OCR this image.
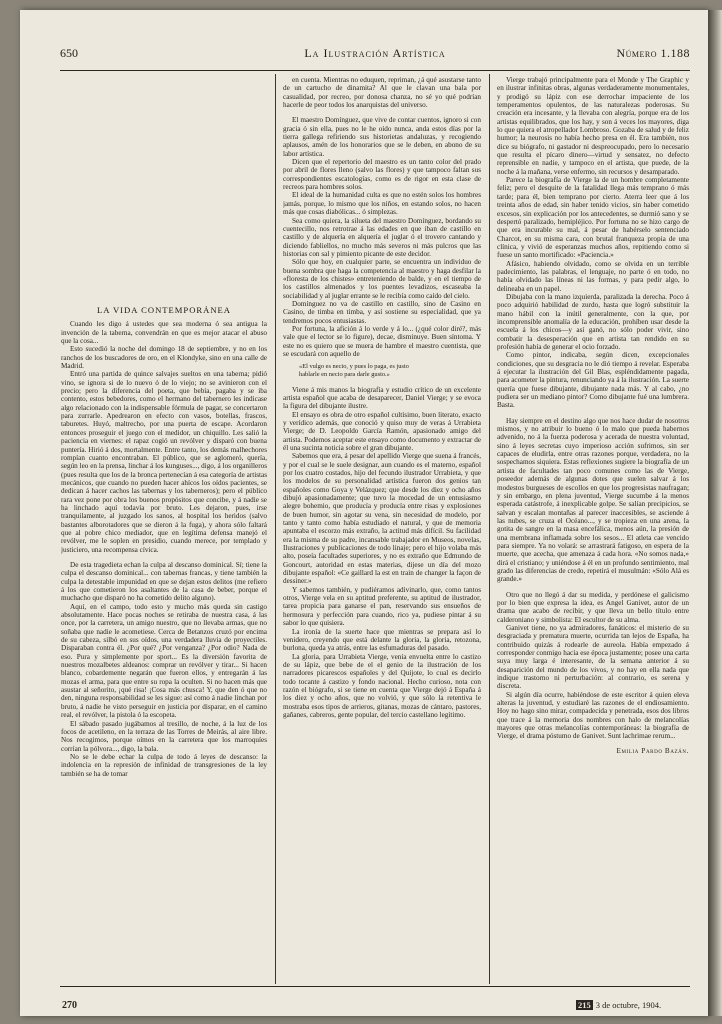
650	La Ilustración Artística	Número 1.188
LA VIDA CONTEMPORÁNEA

Cuando les digo á ustedes que sea moderna ó sea antigua la invención de la taberna, convendrán en que es mejor atacar el abuso que la cosa...

Esto sucedió la noche del domingo 18 de septiembre, y no en los ranchos de los buscadores de oro, en el Klondyke, sino en una calle de Madrid.

Entró una partida de quince salvajes sueltos en una taberna; pidió vino, se ignora si de lo nuevo ó de lo viejo; no se avinieron con el precio; pero la diferencia del poeta, que bebía, pagaba y se iba contento, estos bebedores, como el hermano del tabernero les indicase algo relacionado con la indispensable fórmula de pagar, se concertaron para zurrarle. Apedrearon en efecto con vasos, botellas, frascos, taburetes. Huyó, maltrecho, por una puerta de escape. Acordaron entonces proseguir el juego con el medidor, un chiquillo. Les salió la paciencia en viernes: el rapaz cogió un revólver y disparó con buena puntería. Hirió á dos, mortalmente. Entre tanto, los demás malhechores rompían cuanto encontraban. El público, que se aglomeró, quería, según leo en la prensa, linchar á los kunguses..., digo, á los organilleros (pues resulta que los de la bronca pertenecían á esa categoría de artistas mecánicos, que cuando no pueden hacer ahícos los oídos pacientes, se dedican á hacer cachos las tabernas y los taberneros); pero el público rara vez pone por obra los buenos propósitos que concibe, y á nadie se ha linchado aquí todavía por bruto. Les dejaron, pues, irse tranquilamente, al juzgado los sanos, al hospital los heridos (salvo bastantes alborotadores que se dieron á la fuga), y ahora sólo faltará que al pobre chico mediador, que en legítima defensa manejó el revólver, me le soplen en presidio, cuando merece, por templado y justiciero, una recompensa cívica.

De esta tragedieta echan la culpa al descanso dominical. Sí; tiene la culpa el descanso dominical... con tabernas francas, y tiene también la culpa la detestable impunidad en que se dejan estos delitos (me refiero á los que cometieron los asaltantes de la casa de beber, porque el muchacho que disparó no ha cometido delito alguno).

Aquí, en el campo, todo esto y mucho más queda sin castigo absolutamente. Hace pocas noches se retiraba de nuestra casa, á las once, por la carretera, un amigo nuestro, que no llevaba armas, que no soñaba que nadie le acometiese. Cerca de Betanzos cruzó por encima de su cabeza, silbó en sus oídos, una verdadera lluvia de proyectiles. Disparaban contra él. ¿Por qué? ¿Por venganza? ¿Por odio? Nada de eso. Pura y simplemente por sport... Es la diversión favorita de nuestros mozalbetes aldeanos: comprar un revólver y tirar... Si hacen blanco, cobardemente negarán que fueron ellos, y entregarán á las mozas el arma, para que entre su ropa la oculten. Si no hacen más que asustar al señorito, ¡qué risa! ¡Cosa más chusca! Y, que den ó que no den, ninguna responsabilidad se les sigue: así como á nadie linchan por bruto, á nadie he visto perseguir en justicia por disparar, en el camino real, el revólver, la pistola ó la escopeta.

El sábado pasado jugábamos al tresillo, de noche, á la luz de los focos de acetileno, en la terraza de las Torres de Meirás, al aire libre. Nos recogimos, porque oímos en la carretera que los marroquíes corrían la pólvora..., digo, la bala.

No se le debe echar la culpa de todo á leyes de descanso: la indolencia en la represión de infinidad de transgresiones de la ley también se ha de tomar

en cuenta. Mientras no eduquen, repriman, ¿á qué asustarse tanto de un cartucho de dinamita? Al que le clavan una bala por casualidad, por recreo, por donosa chanza, no sé yo qué podrían hacerle de peor todos los anarquistas del universo.

El maestro Domínguez, que vive de contar cuentos, ignoro si con gracia ó sin ella, pues no le he oído nunca, anda estos días por la tierra gallega refiriendo sus historietas andaluzas, y recogiendo aplausos, amén de los honorarios que se le deben, en abono de su labor artística.

Dicen que el repertorio del maestro es un tanto color del prado por abril de flores lleno (salvo las flores) y que tampoco faltan sus correspondientes escatologías, como es de rigor en esta clase de recreos para hombres solos.

El ideal de la humanidad culta es que no estén solos los hombres jamás, porque, lo mismo que los niños, en estando solos, no hacen más que cosas diabólicas... ó simplezas.

Sea como quiera, la silueta del maestro Domínguez, bordando su cuentecillo, nos retrotrae á las edades en que iban de castillo en castillo y de alquería en alquería el juglar ó el trovero cantando y diciendo fabliellos, no mucho más severos ni más pulcros que las historias con sal y pimiento picante de este decidor.

Sólo que hoy, en cualquier parte, se encuentra un individuo de buena sombra que haga la competencia al maestro y haga desfilar la «floresta de los chistes» entreteniendo de balde, y en el tiempo de los castillos almenados y los puentes levadizos, escaseaba la sociabilidad y al juglar errante se le recibía como caído del cielo.

Domínguez no va de castillo en castillo, sino de Casino en Casino, de timba en timba, y así sostiene su especialidad, que ya tendremos pocos entusiastas.

Por fortuna, la afición á lo verde y á lo... (¿qué color diré?, más vale que el lector se lo figure), decae, disminuye. Buen síntoma. Y este no es quiero que se muera de hambre el maestro cuentista, que se escudará con aquello de

«El vulgo es necio, y pues lo paga, es justo
hablarle en necio para darle gusto.»

Viene á mis manos la biografía y estudio crítico de un excelente artista español que acaba de desaparecer, Daniel Vierge; y se evoca la figura del dibujante ilustre.

El ensayo es obra de otro español cultísimo, buen literato, exacto y verídico además, que conoció y quiso muy de veras á Urrabieta Vierge; de D. Leopoldo García Ramón, apasionado amigo del artista. Podemos aceptar este ensayo como documento y extractar de él una sucinta noticia sobre el gran dibujante.

Sabemos que era, á pesar del apellido Vierge que suena á francés, y por el cual se le suele designar, aun cuando es el materno, español por los cuatro costados, hijo del fecundo ilustrador Urrabieta, y que los modelos de su personalidad artística fueron dos genios tan españoles como Goya y Velázquez; que desde los diez y ocho años dibujó apasionadamente; que tuvo la mocedad de un entusiasmo alegre bohemio, que producía y producía entre risas y explosiones de buen humor, sin agotar su vena, sin necesidad de modelo, por tanto y tanto como había estudiado el natural, y que de memoria apuntaba el escorzo más extraño, la actitud más difícil. Su facilidad era la misma de su padre, incansable trabajador en Museos, novelas, Ilustraciones y publicaciones de todo linaje; pero el hijo volaba más alto, poseía facultades superiores, y no es extraño que Edmundo de Goncourt, autoridad en estas materias, dijese un día del mozo dibujante español: «Ce gaillard la est en train de changer la façon de dessiner.»

Y sabemos también, y pudiéramos adivinarlo, que, como tantos otros, Vierge vela en su aptitud preferente, su aptitud de ilustrador, tarea propicia para ganarse el pan, reservando sus ensueños de hermosura y perfección para cuando, rico ya, pudiese pintar á su sabor lo que quisiera.

La ironía de la suerte hace que mientras se prepara así lo venidero, creyendo que está delante la gloria, la gloria, retozona, burlona, queda ya atrás, entre las esfumaduras del pasado.

La gloria, para Urrabieta Vierge, venía envuelta entre lo castizo de su lápiz, que bebe de el el genio de la ilustración de los narradores picarescos españoles y del Quijote, lo cual es decirlo todo tocante á castizo y fondo nacional. Hecho curioso, nota con razón el biógrafo, si se tiene en cuenta que Vierge dejó á España á los diez y ocho años, que no volvió, y que sólo la retentiva le mostraba esos tipos de arrieros, gitanas, mozas de cántaro, pastores, gañanes, cabreros, gente popular, del tercio castellano legítimo.

Vierge trabajó principalmente para el Monde y The Graphic y en ilustrar infinitas obras, algunas verdaderamente monumentales, y prodigó su lápiz con ese derrochar impaciente de los temperamentos opulentos, de las naturalezas poderosas. Su creación era incesante, y la llevaba con alegría, porque era de los artistas equilibrados, que los hay, y son á veces los mayores, diga lo que quiera el atropellador Lombroso. Gozaba de salud y de feliz humor; la neurosis no había hecho presa en él. Era también, nos dice su biógrafo, ni gastador ni despreocupado, pero lo necesario que resulta el pícaro dinero—virtud y sensatez, no defecto reprensible en nadie, y tampoco en el artista, que puede, de la noche á la mañana, verse enfermo, sin recursos y desamparado.

Parece la biografía de Vierge la de un hombre completamente feliz; pero el desquite de la fatalidad llega más temprano ó más tarde; para él, bien temprano por cierto. Aterra leer que á los treinta años de edad, sin haber tenido vicios, sin haber cometido excesos, sin explicación por los antecedentes, se durmió sano y se despertó paralizado, hemipléjico. Por fortuna no se hizo cargo de que era incurable su mal, á pesar de habérselo sentenciado Charcot, en su misma cara, con brutal franqueza propia de una clínica, y vivió de esperanzas muchos años, repitiendo como si fuese un santo mortificado: «Paciencia.»

Afásico, habiendo olvidado, como se olvida en un terrible padecimiento, las palabras, el lenguaje, no parte ó en todo, no había olvidado las líneas ni las formas, y para pedir algo, lo delineaba en un papel.

Dibujaba con la mano izquierda, paralizada la derecha. Poco á poco adquirió habilidad de zurdo, hasta que logró substituir la mano hábil con la inútil generalmente, con la que, por incomprensible anomalía de la educación, prohíben usar desde la escuela á los chicos—y así ganó, no sólo poder vivir, sino combatir la desesperación que en artista tan rendido en su profesión había de generar el ocio forzado.

Como pintor, indicaba, según dicen, excepcionales condiciones, que su desgracia no le dió tiempo á revelar. Esperaba á ejecutar la ilustración del Gil Blas, espléndidamente pagada, para acometer la pintura, renunciando ya á la ilustración. La suerte quería que fuese dibujante, dibujante nada más. Y al cabo, ¿no pudiera ser un mediano pintor? Como dibujante fué una lumbrera. Basta.

Hay siempre en el destino algo que nos hace dudar de nosotros mismos, y no atribuir lo bueno ó lo malo que pueda habernos advenido, no á la fuerza poderosa y acerada de nuestra voluntad, sino á leyes secretas cuyo imperioso acción sufrimos, sin ser capaces de eludirla, entre otras razones porque, verdadera, no la sospechamos siquiera. Estas reflexiones sugiere la biografía de un artista de facultades tan poco comunes como las de Vierge, poseedor además de algunas dotes que suelen salvar á los modestos burgueses de escollos en que los progresistas naufragan; y sin embargo, en plena juventud, Vierge sucumbe á la menos esperada catástrofe, á inexplicable golpe. Se salían precipicios, se salvan y escalan montañas al parecer inaccesibles, se asciende á las nubes, se cruza el Océano..., y se tropieza en una arena, la gotita de sangre en la masa encefálica, menos aún, la presión de una membrana inflamada sobre los sesos... El atleta cae vencido para siempre. Ya no volará: se arrastrará fatigoso, en espera de la muerte, que acecha, que amenaza á cada hora. «No somos nada,» dirá el cristiano; y uniéndose á él en un profundo sentimiento, mal grado las diferencias de credo, repetirá el musulmán: «Sólo Alá es grande.»

Otro que no llegó á dar su medida, y perdónese el galicismo por lo bien que expresa la idea, es Angel Ganivet, autor de un drama que acabo de recibir, y que lleva un bello título entre calderoniano y simbolista: El escultor de su alma.

Ganivet tiene, no ya admiradores, fanáticos: el misterio de su desgraciada y prematura muerte, ocurrida tan lejos de España, ha contribuido quizás á rodearle de aureola. Había empezado á corresponder conmigo hacía ese época justamente; posee una carta suya muy larga é interesante, de la semana anterior á su desaparición del mundo de los vivos, y no hay en ella nada que indique trastorno ni perturbación: al contrario, es serena y discreta.

Si algún día ocurre, habiéndose de este escritor á quien eleva alteras la juventud, y estudiaré las razones de el endiosamiento. Hoy no hago sino mirar, compadecida y penetrada, esos dos libros que trace á la memoria dos nombres con halo de melancolías mayores que otras melancolías contemporáneas: la biografía de Vierge, el drama póstumo de Ganivet. Sunt lachrimae rerum...

Emilia Pardo Bazán.

270	215 3 de octubre, 1904.
